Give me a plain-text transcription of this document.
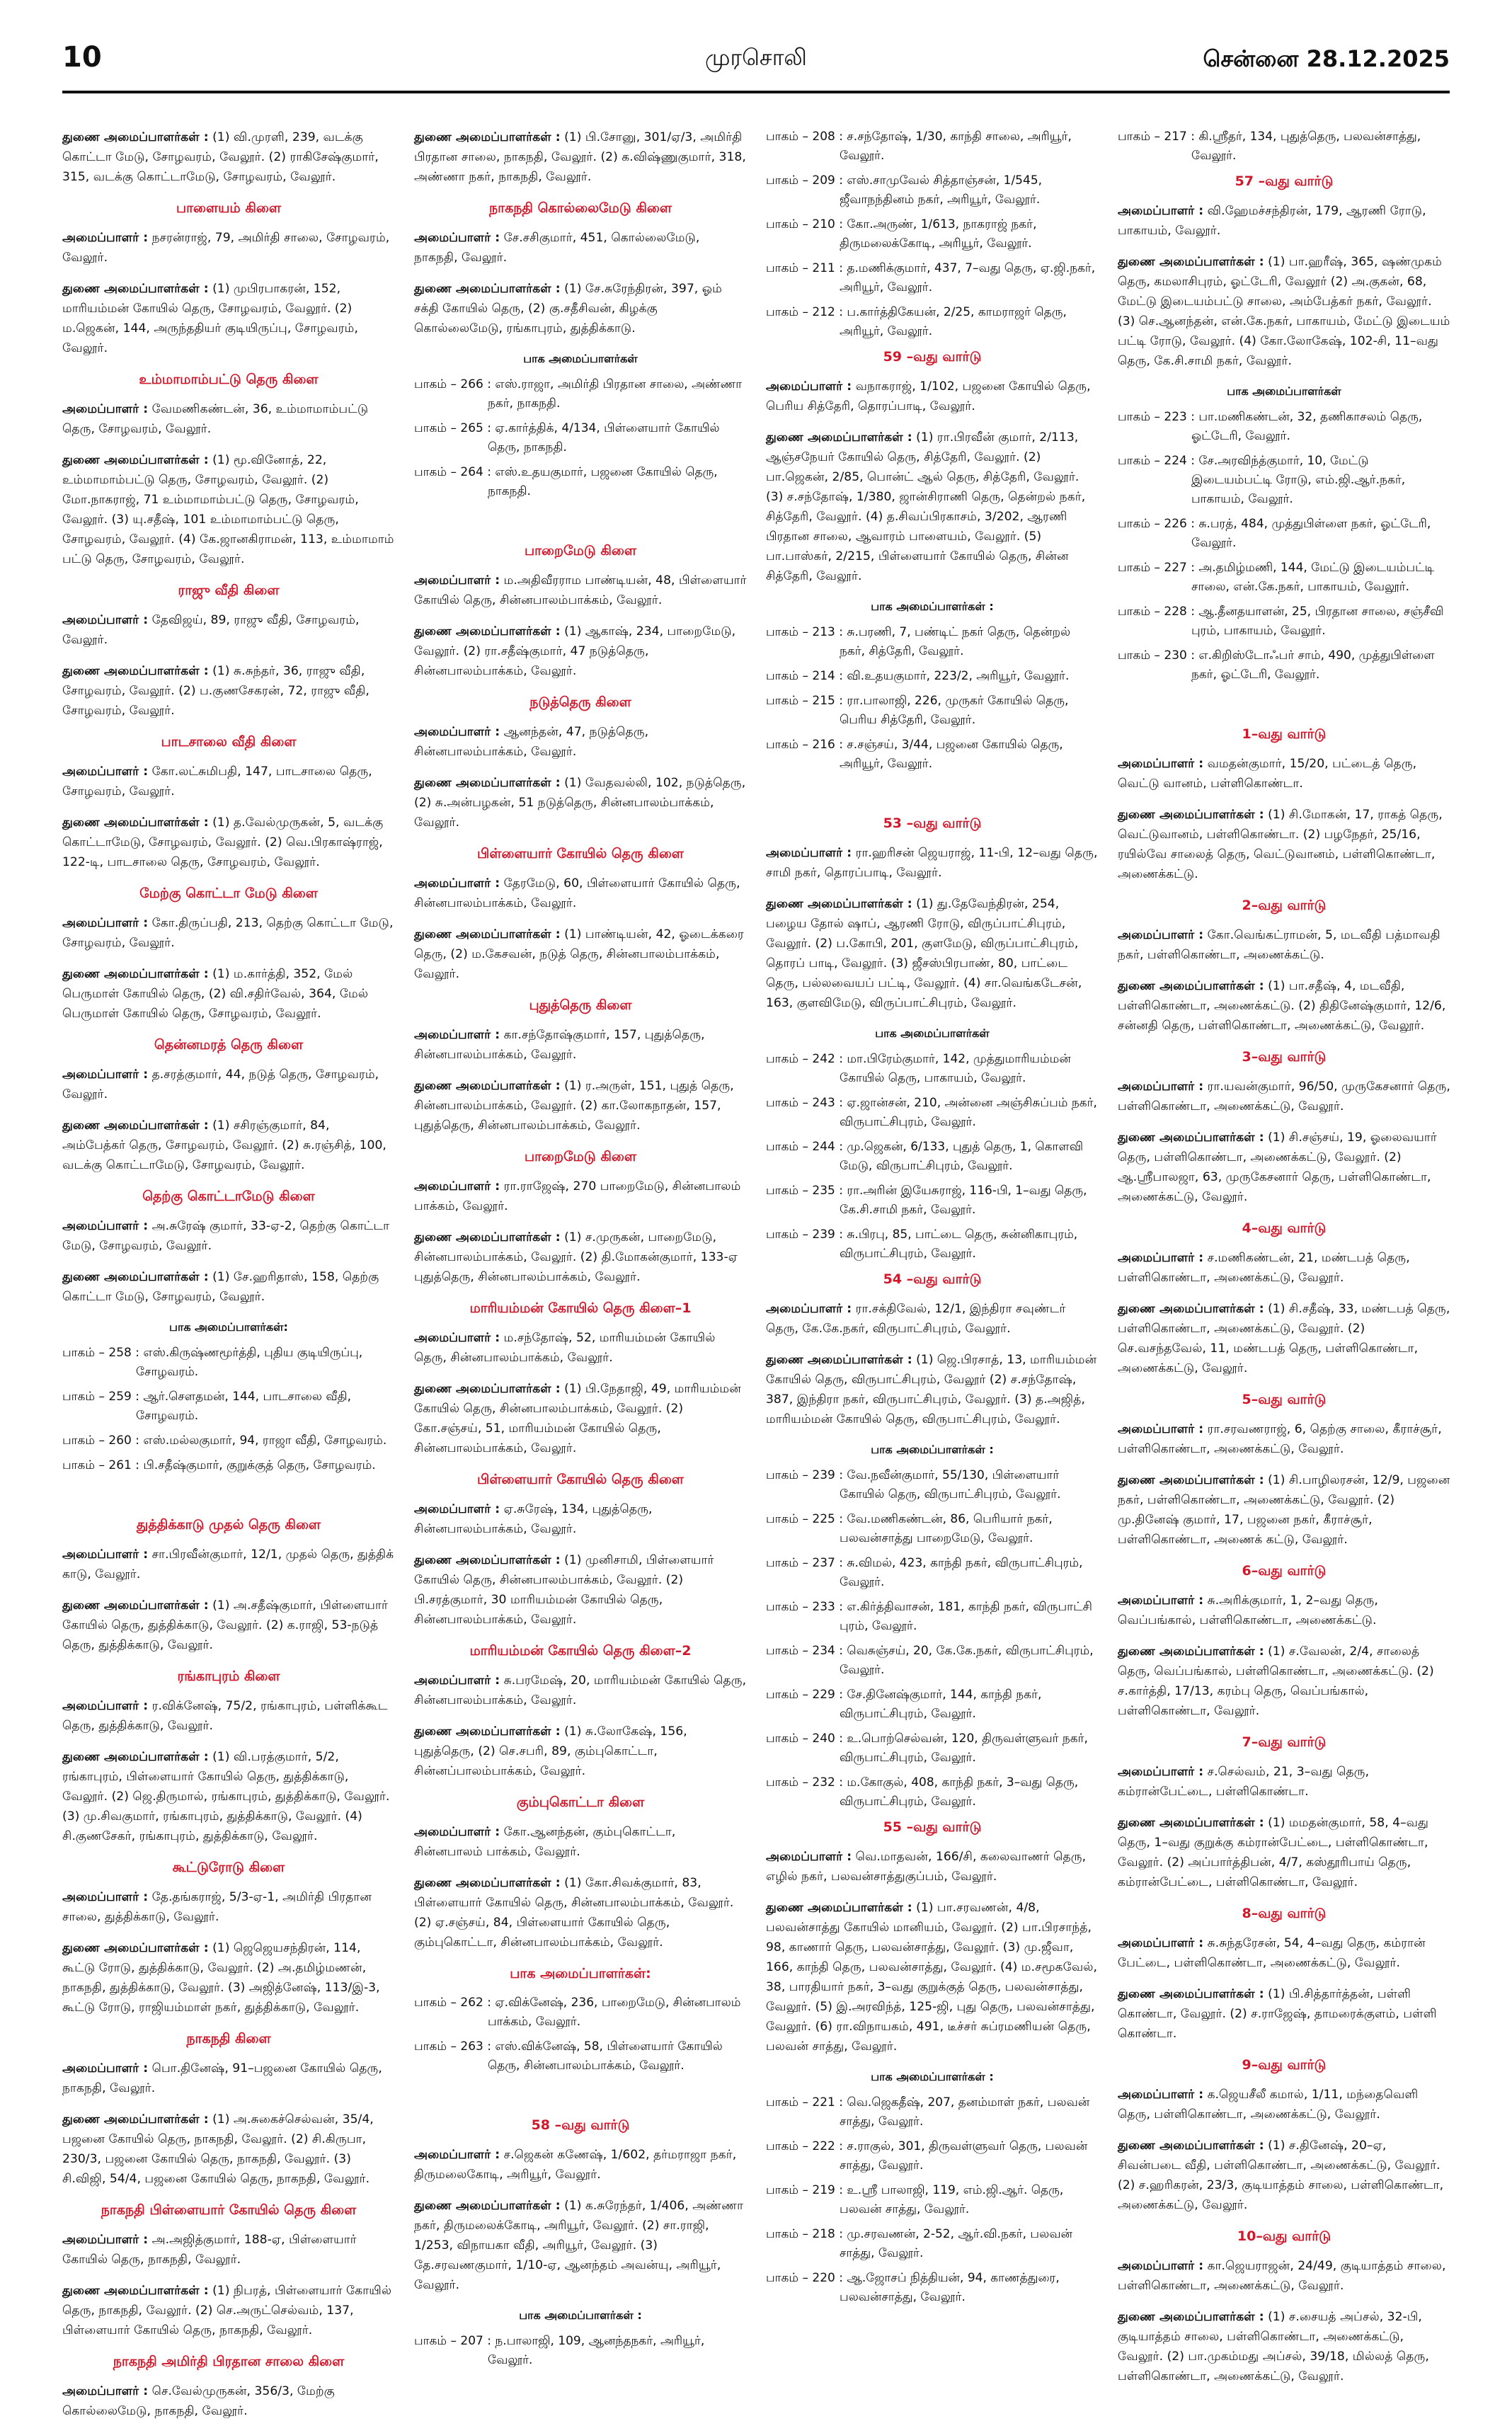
10	முரசொலி	சென்னை 28.12.2025
துணை அமைப்பாளர்கள் : (1) வி.முரளி, 239, வடக்கு கொட்டா மேடு, சோழவரம், வேலூர். (2) ராகிசேஷ்குமார், 315, வடக்கு கொட்டாமேடு, சோழவரம், வேலூர்.
பாளையம் கிளை
அமைப்பாளர் : நசரன்ராஜ், 79, அமிர்தி சாலை, சோழவரம், வேலூர்.
துணை அமைப்பாளர்கள் : (1) முபிரபாகரன், 152, மாரியம்மன் கோயில் தெரு, சோழவரம், வேலூர். (2) ம.ஜெகன், 144, அருந்ததியர் குடியிருப்பு, சோழவரம், வேலூர்.
உம்மாமாம்பட்டு தெரு கிளை
அமைப்பாளர் : வேமணிகண்டன், 36, உம்மாமாம்பட்டு தெரு, சோழவரம், வேலூர்.
துணை அமைப்பாளர்கள் : (1) மூ.வினோத், 22, உம்மாமாம்பட்டு தெரு, சோழவரம், வேலூர். (2) மோ.நாகராஜ், 71 உம்மாமாம்பட்டு தெரு, சோழவரம், வேலூர். (3) யு.சதீஷ், 101 உம்மாமாம்பட்டு தெரு, சோழவரம், வேலூர். (4) கே.ஜானகிராமன், 113, உம்மாமாம் பட்டு தெரு, சோழவரம், வேலூர்.
ராஜு வீதி கிளை
அமைப்பாளர் : தேவிஜய், 89, ராஜு வீதி, சோழவரம், வேலூர்.
துணை அமைப்பாளர்கள் : (1) சு.சுந்தர், 36, ராஜு வீதி, சோழவரம், வேலூர். (2) ப.குணசேகரன், 72, ராஜு வீதி, சோழவரம், வேலூர்.
பாடசாலை வீதி கிளை
அமைப்பாளர் : கோ.லட்சுமிபதி, 147, பாடசாலை தெரு, சோழவரம், வேலூர்.
துணை அமைப்பாளர்கள் : (1) த.வேல்முருகன், 5, வடக்கு கொட்டாமேடு, சோழவரம், வேலூர். (2) வெ.பிரகாஷ்ராஜ், 122-டி, பாடசாலை தெரு, சோழவரம், வேலூர்.
மேற்கு கொட்டா மேடு கிளை
அமைப்பாளர் : கோ.திருப்பதி, 213, தெற்கு கொட்டா மேடு, சோழவரம், வேலூர்.
துணை அமைப்பாளர்கள் : (1) ம.கார்த்தி, 352, மேல் பெருமாள் கோயில் தெரு, (2) வி.சதிர்வேல், 364, மேல் பெருமாள் கோயில் தெரு, சோழவரம், வேலூர்.
தென்னமரத் தெரு கிளை
அமைப்பாளர் : த.சரத்குமார், 44, நடுத் தெரு, சோழவரம், வேலூர்.
துணை அமைப்பாளர்கள் : (1) சசிரஞ்குமார், 84, அம்பேத்கர் தெரு, சோழவரம், வேலூர். (2) சு.ரஞ்சித், 100, வடக்கு கொட்டாமேடு, சோழவரம், வேலூர்.
தெற்கு கொட்டாமேடு கிளை
அமைப்பாளர் : அ.சுரேஷ் குமார், 33-ஏ-2, தெற்கு கொட்டா மேடு, சோழவரம், வேலூர்.
துணை அமைப்பாளர்கள் : (1) சே.ஹரிதாஸ், 158, தெற்கு கொட்டா மேடு, சோழவரம், வேலூர்.
பாக அமைப்பாளர்கள்:
பாகம் – 258 : எஸ்.கிருஷ்ணமூர்த்தி, புதிய குடியிருப்பு, சோழவரம்.
பாகம் – 259 : ஆர்.சௌதமன், 144, பாடசாலை வீதி, சோழவரம்.
பாகம் – 260 : எஸ்.மல்லகுமார், 94, ராஜா வீதி, சோழவரம்.
பாகம் – 261 : பி.சதீஷ்குமார், குறுக்குத் தெரு, சோழவரம்.
துத்திக்காடு முதல் தெரு கிளை
அமைப்பாளர் : சா.பிரவீன்குமார், 12/1, முதல் தெரு, துத்திக் காடு, வேலூர்.
துணை அமைப்பாளர்கள் : (1) அ.சதீஷ்குமார், பிள்ளையார் கோயில் தெரு, துத்திக்காடு, வேலூர். (2) க.ராஜி, 53-நடுத் தெரு, துத்திக்காடு, வேலூர்.
ரங்காபுரம் கிளை
அமைப்பாளர் : ர.விக்னேஷ், 75/2, ரங்காபுரம், பள்ளிக்கூட தெரு, துத்திக்காடு, வேலூர்.
துணை அமைப்பாளர்கள் : (1) வி.பரத்குமார், 5/2, ரங்காபுரம், பிள்ளையார் கோயில் தெரு, துத்திக்காடு, வேலூர். (2) ஜெ.திருமால், ரங்காபுரம், துத்திக்காடு, வேலூர். (3) மு.சிவகுமார், ரங்காபுரம், துத்திக்காடு, வேலூர். (4) சி.குணசேகர், ரங்காபுரம், துத்திக்காடு, வேலூர்.
கூட்டுரோடு கிளை
அமைப்பாளர் : தே.தங்கராஜ், 5/3-ஏ-1, அமிர்தி பிரதான சாலை, துத்திக்காடு, வேலூர்.
துணை அமைப்பாளர்கள் : (1) ஜெஜெயசந்திரன், 114, கூட்டு ரோடு, துத்திக்காடு, வேலூர். (2) அ.தமிழ்மணன், நாகநதி, துத்திக்காடு, வேலூர். (3) அஜித்னேஷ், 113/இ-3, கூட்டு ரோடு, ராஜியம்மாள் நகர், துத்திக்காடு, வேலூர்.
நாகநதி கிளை
அமைப்பாளர் : பொ.தினேஷ், 91–பஜனை கோயில் தெரு, நாகநதி, வேலூர்.
துணை அமைப்பாளர்கள் : (1) அ.சுகைச்செல்வன், 35/4, பஜனை கோயில் தெரு, நாகநதி, வேலூர். (2) சி.கிருபா, 230/3, பஜனை கோயில் தெரு, நாகநதி, வேலூர். (3) சி.விஜி, 54/4, பஜனை கோயில் தெரு, நாகநதி, வேலூர்.
நாகநதி பிள்ளையார் கோயில் தெரு கிளை
அமைப்பாளர் : அ.அஜித்குமார், 188-ஏ, பிள்ளையார் கோயில் தெரு, நாகநதி, வேலூர்.
துணை அமைப்பாளர்கள் : (1) நிபரத், பிள்ளையார் கோயில் தெரு, நாகநதி, வேலூர். (2) செ.அருட்செல்வம், 137, பிள்ளையார் கோயில் தெரு, நாகநதி, வேலூர்.
நாகநதி அமிர்தி பிரதான சாலை கிளை
அமைப்பாளர் : செ.வேல்முருகன், 356/3, மேற்கு கொல்லைமேடு, நாகநதி, வேலூர்.
துணை அமைப்பாளர்கள் : (1) பி.சோனு, 301/ஏ/3, அமிர்தி பிரதான சாலை, நாகநதி, வேலூர். (2) க.விஷ்ணுகுமார், 318, அண்ணா நகர், நாகநதி, வேலூர்.
நாகநதி கொல்லைமேடு கிளை
அமைப்பாளர் : சே.சசிகுமார், 451, கொல்லைமேடு, நாகநதி, வேலூர்.
துணை அமைப்பாளர்கள் : (1) சே.சுரேந்திரன், 397, ஓம் சக்தி கோயில் தெரு, (2) கு.சதீசிவன், கிழக்கு கொல்லைமேடு, ரங்காபுரம், துத்திக்காடு.
பாக அமைப்பாளர்கள்
பாகம் – 266 : எஸ்.ராஜா, அமிர்தி பிரதான சாலை, அண்ணா நகர், நாகநதி.
பாகம் – 265 : ஏ.கார்த்திக், 4/134, பிள்ளையார் கோயில் தெரு, நாகநதி.
பாகம் – 264 : எஸ்.உதயகுமார், பஜனை கோயில் தெரு, நாகநதி.
பாறைமேடு கிளை
அமைப்பாளர் : ம.அதிவீரராம பாண்டியன், 48, பிள்ளையார் கோயில் தெரு, சின்னபாலம்பாக்கம், வேலூர்.
துணை அமைப்பாளர்கள் : (1) ஆகாஷ், 234, பாறைமேடு, வேலூர். (2) ரா.சதீஷ்குமார், 47 நடுத்தெரு, சின்னபாலம்பாக்கம், வேலூர்.
நடுத்தெரு கிளை
அமைப்பாளர் : ஆனந்தன், 47, நடுத்தெரு, சின்னபாலம்பாக்கம், வேலூர்.
துணை அமைப்பாளர்கள் : (1) வேதவல்லி, 102, நடுத்தெரு, (2) சு.அன்பழகன், 51 நடுத்தெரு, சின்னபாலம்பாக்கம், வேலூர்.
பிள்ளையார் கோயில் தெரு கிளை
அமைப்பாளர் : தேரமேடு, 60, பிள்ளையார் கோயில் தெரு, சின்னபாலம்பாக்கம், வேலூர்.
துணை அமைப்பாளர்கள் : (1) பாண்டியன், 42, ஓடைக்கரை தெரு, (2) ம.கேசவன், நடுத் தெரு, சின்னபாலம்பாக்கம், வேலூர்.
புதுத்தெரு கிளை
அமைப்பாளர் : கா.சந்தோஷ்குமார், 157, புதுத்தெரு, சின்னபாலம்பாக்கம், வேலூர்.
துணை அமைப்பாளர்கள் : (1) ர.அருள், 151, புதுத் தெரு, சின்னபாலம்பாக்கம், வேலூர். (2) கா.லோகநாதன், 157, புதுத்தெரு, சின்னபாலம்பாக்கம், வேலூர்.
பாறைமேடு கிளை
அமைப்பாளர் : ரா.ராஜேஷ், 270 பாறைமேடு, சின்னபாலம் பாக்கம், வேலூர்.
துணை அமைப்பாளர்கள் : (1) ச.முருகன், பாறைமேடு, சின்னபாலம்பாக்கம், வேலூர். (2) தி.மோகன்குமார், 133-ஏ புதுத்தெரு, சின்னபாலம்பாக்கம், வேலூர்.
மாரியம்மன் கோயில் தெரு கிளை–1
அமைப்பாளர் : ம.சந்தோஷ், 52, மாரியம்மன் கோயில் தெரு, சின்னபாலம்பாக்கம், வேலூர்.
துணை அமைப்பாளர்கள் : (1) பி.நேதாஜி, 49, மாரியம்மன் கோயில் தெரு, சின்னபாலம்பாக்கம், வேலூர். (2) கோ.சஞ்சய், 51, மாரியம்மன் கோயில் தெரு, சின்னபாலம்பாக்கம், வேலூர்.
பிள்ளையார் கோயில் தெரு கிளை
அமைப்பாளர் : ஏ.சுரேஷ், 134, புதுத்தெரு, சின்னபாலம்பாக்கம், வேலூர்.
துணை அமைப்பாளர்கள் : (1) முனிசாமி, பிள்ளையார் கோயில் தெரு, சின்னபாலம்பாக்கம், வேலூர். (2) பி.சரத்குமார், 30 மாரியம்மன் கோயில் தெரு, சின்னபாலம்பாக்கம், வேலூர்.
மாரியம்மன் கோயில் தெரு கிளை–2
அமைப்பாளர் : சு.பரமேஷ், 20, மாரியம்மன் கோயில் தெரு, சின்னபாலம்பாக்கம், வேலூர்.
துணை அமைப்பாளர்கள் : (1) சு.லோகேஷ், 156, புதுத்தெரு, (2) செ.சபரி, 89, கும்புகொட்டா, சின்னப்பாலம்பாக்கம், வேலூர்.
கும்புகொட்டா கிளை
அமைப்பாளர் : கோ.ஆனந்தன், கும்புகொட்டா, சின்னபாலம் பாக்கம், வேலூர்.
துணை அமைப்பாளர்கள் : (1) கோ.சிவக்குமார், 83, பிள்ளையார் கோயில் தெரு, சின்னபாலம்பாக்கம், வேலூர். (2) ஏ.சஞ்சய், 84, பிள்ளையார் கோயில் தெரு, கும்புகொட்டா, சின்னபாலம்பாக்கம், வேலூர்.
பாக அமைப்பாளர்கள்:
பாகம் – 262 : ஏ.விக்னேஷ், 236, பாறைமேடு, சின்னபாலம் பாக்கம், வேலூர்.
பாகம் – 263 : எஸ்.விக்னேஷ், 58, பிள்ளையார் கோயில் தெரு, சின்னபாலம்பாக்கம், வேலூர்.
58 –வது வார்டு
அமைப்பாளர் : ச.ஜெகன் கணேஷ், 1/602, தர்மராஜா நகர், திருமலைகோடி, அரியூர், வேலூர்.
துணை அமைப்பாளர்கள் : (1) க.சுரேந்தர், 1/406, அண்ணா நகர், திருமலைக்கோடி, அரியூர், வேலூர். (2) சா.ராஜி, 1/253, விநாயகா வீதி, அரியூர், வேலூர். (3) தே.சரவணகுமார், 1/10-ஏ, ஆனந்தம் அவன்யு, அரியூர், வேலூர்.
பாக அமைப்பாளர்கள் :
பாகம் – 207 : ந.பாலாஜி, 109, ஆனந்தநகர், அரியூர், வேலூர்.
பாகம் – 208 : ச.சந்தோஷ், 1/30, காந்தி சாலை, அரியூர், வேலூர்.
பாகம் – 209 : எஸ்.சாமுவேல் சித்தாஞ்சன், 1/545, ஜீவாநந்தினம் நகர், அரியூர், வேலூர்.
பாகம் – 210 : கோ.அருண், 1/613, நாகராஜ் நகர், திருமலைக்கோடி, அரியூர், வேலூர்.
பாகம் – 211 : த.மணிக்குமார், 437, 7–வது தெரு, ஏ.ஜி.நகர், அரியூர், வேலூர்.
பாகம் – 212 : ப.கார்த்திகேயன், 2/25, காமராஜர் தெரு, அரியூர், வேலூர்.
59 –வது வார்டு
அமைப்பாளர் : வநாகராஜ், 1/102, பஜனை கோயில் தெரு, பெரிய சித்தேரி, தொரப்பாடி, வேலூர்.
துணை அமைப்பாளர்கள் : (1) ரா.பிரவீன் குமார், 2/113, ஆஞ்சநேயர் கோயில் தெரு, சித்தேரி, வேலூர். (2) பா.ஜெகன், 2/85, பொன்ட் ஆல் தெரு, சித்தேரி, வேலூர். (3) ச.சந்தோஷ், 1/380, ஜான்சிராணி தெரு, தென்றல் நகர், சித்தேரி, வேலூர். (4) த.சிவப்பிரகாசம், 3/202, ஆரணி பிரதான சாலை, ஆவாரம் பாளையம், வேலூர். (5) பா.பாஸ்கர், 2/215, பிள்ளையார் கோயில் தெரு, சின்ன சித்தேரி, வேலூர்.
பாக அமைப்பாளர்கள் :
பாகம் – 213 : சு.பரணி, 7, பண்டிட் நகர் தெரு, தென்றல் நகர், சித்தேரி, வேலூர்.
பாகம் – 214 : வி.உதயகுமார், 223/2, அரியூர், வேலூர்.
பாகம் – 215 : ரா.பாலாஜி, 226, முருகர் கோயில் தெரு, பெரிய சித்தேரி, வேலூர்.
பாகம் – 216 : ச.சஞ்சய், 3/44, பஜனை கோயில் தெரு, அரியூர், வேலூர்.
53 –வது வார்டு
அமைப்பாளர் : ரா.ஹரிசன் ஜெயராஜ், 11-பி, 12–வது தெரு, சாமி நகர், தொரப்பாடி, வேலூர்.
துணை அமைப்பாளர்கள் : (1) து.தேவேந்திரன், 254, பழைய தோல் ஷாப், ஆரணி ரோடு, விருப்பாட்சிபுரம், வேலூர். (2) ப.கோபி, 201, குளமேடு, விருப்பாட்சிபுரம், தொரப் பாடி, வேலூர். (3) ஜீசஸ்பிரபாண், 80, பாட்டை தெரு, பல்லவையப் பட்டி, வேலூர். (4) சா.வெங்கடேசன், 163, குளவிமேடு, விருப்பாட்சிபுரம், வேலூர்.
பாக அமைப்பாளர்கள்
பாகம் – 242 : மா.பிரேம்குமார், 142, முத்துமாரியம்மன் கோயில் தெரு, பாகாயம், வேலூர்.
பாகம் – 243 : ஏ.ஜான்சன், 210, அன்னை அஞ்சிசுப்பம் நகர், விருபாட்சிபுரம், வேலூர்.
பாகம் – 244 : மு.ஜெகன், 6/133, புதுத் தெரு, 1, கொளவி மேடு, விருபாட்சிபுரம், வேலூர்.
பாகம் – 235 : ரா.அரின் இயேசுராஜ், 116-பி, 1–வது தெரு, கே.சி.சாமி நகர், வேலூர்.
பாகம் – 239 : சு.பிரபு, 85, பாட்டை தெரு, சுன்னிகாபுரம், விருபாட்சிபுரம், வேலூர்.
54 –வது வார்டு
அமைப்பாளர் : ரா.சக்திவேல், 12/1, இந்திரா சவுண்டர் தெரு, கே.கே.நகர், விருபாட்சிபுரம், வேலூர்.
துணை அமைப்பாளர்கள் : (1) ஜெ.பிரசாத், 13, மாரியம்மன் கோயில் தெரு, விருபாட்சிபுரம், வேலூர் (2) ச.சந்தோஷ், 387, இந்திரா நகர், விருபாட்சிபுரம், வேலூர். (3) த.அஜித், மாரியம்மன் கோயில் தெரு, விருபாட்சிபுரம், வேலூர்.
பாக அமைப்பாளர்கள் :
பாகம் – 239 : வே.நவீன்குமார், 55/130, பிள்ளையார் கோயில் தெரு, விருபாட்சிபுரம், வேலூர்.
பாகம் – 225 : வே.மணிகண்டன், 86, பெரியார் நகர், பலவன்சாத்து பாறைமேடு, வேலூர்.
பாகம் – 237 : சு.விமல், 423, காந்தி நகர், விருபாட்சிபுரம், வேலூர்.
பாகம் – 233 : எ.கிர்த்திவாசன், 181, காந்தி நகர், விருபாட்சி புரம், வேலூர்.
பாகம் – 234 : வெசுஞ்சய், 20, கே.கே.நகர், விருபாட்சிபுரம், வேலூர்.
பாகம் – 229 : சே.தினேஷ்குமார், 144, காந்தி நகர், விருபாட்சிபுரம், வேலூர்.
பாகம் – 240 : உ.பொற்செல்வன், 120, திருவள்ளுவர் நகர், விருபாட்சிபுரம், வேலூர்.
பாகம் – 232 : ம.கோகுல், 408, காந்தி நகர், 3–வது தெரு, விருபாட்சிபுரம், வேலூர்.
55 –வது வார்டு
அமைப்பாளர் : வெ.மாதவன், 166/சி, கலைவாணர் தெரு, எழில் நகர், பலவன்சாத்துகுப்பம், வேலூர்.
துணை அமைப்பாளர்கள் : (1) பா.சரவணன், 4/8, பலவன்சாத்து கோயில் மானியம், வேலூர். (2) பா.பிரசாந்த், 98, காணார் தெரு, பலவன்சாத்து, வேலூர். (3) மு.ஜீவா, 166, காந்தி தெரு, பலவன்சாத்து, வேலூர். (4) ம.சமூகவேல், 38, பாரதியார் நகர், 3–வது குறுக்குத் தெரு, பலவன்சாத்து, வேலூர். (5) இ.அரவிந்த், 125-ஜி, புது தெரு, பலவன்சாத்து, வேலூர். (6) ரா.விநாயகம், 491, டீச்சர் சுப்ரமணியன் தெரு, பலவன் சாத்து, வேலூர்.
பாக அமைப்பாளர்கள் :
பாகம் – 221 : வெ.ஜெகதீஷ், 207, தனம்மாள் நகர், பலவன் சாத்து, வேலூர்.
பாகம் – 222 : ச.ராகுல், 301, திருவள்ளுவர் தெரு, பலவன் சாத்து, வேலூர்.
பாகம் – 219 : உ.ஸ்ரீ பாலாஜி, 119, எம்.ஜி.ஆர். தெரு, பலவன் சாத்து, வேலூர்.
பாகம் – 218 : மு.சரவணன், 2-52, ஆர்.வி.நகர், பலவன் சாத்து, வேலூர்.
பாகம் – 220 : ஆ.ஜோசப் நித்தியன், 94, காணத்துரை, பலவன்சாத்து, வேலூர்.
பாகம் – 217 : கி.ஸ்ரீதர், 134, புதுத்தெரு, பலவன்சாத்து, வேலூர்.
57 –வது வார்டு
அமைப்பாளர் : வி.ஹேமச்சந்திரன், 179, ஆரணி ரோடு, பாகாயம், வேலூர்.
துணை அமைப்பாளர்கள் : (1) பா.ஹரீஷ், 365, ஷண்முகம் தெரு, கமலாசிபுரம், ஓட்டேரி, வேலூர் (2) அ.குகன், 68, மேட்டு இடையம்பட்டு சாலை, அம்பேத்கர் நகர், வேலூர். (3) செ.ஆனந்தன், என்.கே.நகர், பாகாயம், மேட்டு இடையம் பட்டி ரோடு, வேலூர். (4) கோ.லோகேஷ், 102-சி, 11–வது தெரு, கே.சி.சாமி நகர், வேலூர்.
பாக அமைப்பாளர்கள்
பாகம் – 223 : பா.மணிகண்டன், 32, தணிகாசலம் தெரு, ஓட்டேரி, வேலூர்.
பாகம் – 224 : சே.அரவிந்த்குமார், 10, மேட்டு இடையம்பட்டி ரோடு, எம்.ஜி.ஆர்.நகர், பாகாயம், வேலூர்.
பாகம் – 226 : சு.பரத், 484, முத்துபிள்ளை நகர், ஓட்டேரி, வேலூர்.
பாகம் – 227 : அ.தமிழ்மணி, 144, மேட்டு இடையம்பட்டி சாலை, என்.கே.நகர், பாகாயம், வேலூர்.
பாகம் – 228 : ஆ.தீனதயாளன், 25, பிரதான சாலை, சஞ்சீவி புரம், பாகாயம், வேலூர்.
பாகம் – 230 : எ.கிறிஸ்டோஃபர் சாம், 490, முத்துபிள்ளை நகர், ஓட்டேரி, வேலூர்.
1–வது வார்டு
அமைப்பாளர் : வமதன்குமார், 15/20, பட்டைத் தெரு, வெட்டு வானம், பள்ளிகொண்டா.
துணை அமைப்பாளர்கள் : (1) சி.மோகன், 17, ராகத் தெரு, வெட்டுவானம், பள்ளிகொண்டா. (2) பழநேதர், 25/16, ரயில்வே சாலைத் தெரு, வெட்டுவானம், பள்ளிகொண்டா, அணைக்கட்டு.
2–வது வார்டு
அமைப்பாளர் : கோ.வெங்கட்ராமன், 5, மடவீதி பத்மாவதி நகர், பள்ளிகொண்டா, அணைக்கட்டு.
துணை அமைப்பாளர்கள் : (1) பா.சதீஷ், 4, மடவீதி, பள்ளிகொண்டா, அணைக்கட்டு. (2) திதினேஷ்குமார், 12/6, சன்னதி தெரு, பள்ளிகொண்டா, அணைக்கட்டு, வேலூர்.
3–வது வார்டு
அமைப்பாளர் : ரா.யவன்குமார், 96/50, முருகேசனார் தெரு, பள்ளிகொண்டா, அணைக்கட்டு, வேலூர்.
துணை அமைப்பாளர்கள் : (1) சி.சஞ்சய், 19, ஓலைவயார் தெரு, பள்ளிகொண்டா, அணைக்கட்டு, வேலூர். (2) ஆ.ஸ்ரீபாலஜா, 63, முருகேசனார் தெரு, பள்ளிகொண்டா, அணைக்கட்டு, வேலூர்.
4–வது வார்டு
அமைப்பாளர் : ச.மணிகண்டன், 21, மண்டபத் தெரு, பள்ளிகொண்டா, அணைக்கட்டு, வேலூர்.
துணை அமைப்பாளர்கள் : (1) சி.சதீஷ், 33, மண்டபத் தெரு, பள்ளிகொண்டா, அணைக்கட்டு, வேலூர். (2) செ.வசந்தவேல், 11, மண்டபத் தெரு, பள்ளிகொண்டா, அணைக்கட்டு, வேலூர்.
5–வது வார்டு
அமைப்பாளர் : ரா.சரவணராஜ், 6, தெற்கு சாலை, கீராச்சூர், பள்ளிகொண்டா, அணைக்கட்டு, வேலூர்.
துணை அமைப்பாளர்கள் : (1) சி.பாழிலரசன், 12/9, பஜனை நகர், பள்ளிகொண்டா, அணைக்கட்டு, வேலூர். (2) மு.தினேஷ் குமார், 17, பஜனை நகர், கீராச்சூர், பள்ளிகொண்டா, அணைக் கட்டு, வேலூர்.
6–வது வார்டு
அமைப்பாளர் : சு.அரிக்குமார், 1, 2–வது தெரு, வெப்பங்கால், பள்ளிகொண்டா, அணைக்கட்டு.
துணை அமைப்பாளர்கள் : (1) ச.வேலன், 2/4, சாலைத் தெரு, வெப்பங்கால், பள்ளிகொண்டா, அணைக்கட்டு. (2) ச.கார்த்தி, 17/13, கரம்பு தெரு, வெப்பங்கால், பள்ளிகொண்டா, வேலூர்.
7–வது வார்டு
அமைப்பாளர் : ச.செல்வம், 21, 3–வது தெரு, கம்ரான்பேட்டை, பள்ளிகொண்டா.
துணை அமைப்பாளர்கள் : (1) மமதன்குமார், 58, 4–வது தெரு, 1–வது குறுக்கு கம்ரான்பேட்டை, பள்ளிகொண்டா, வேலூர். (2) அப்பார்த்திபன், 4/7, கஸ்தூரிபாய் தெரு, கம்ரான்பேட்டை, பள்ளிகொண்டா, வேலூர்.
8–வது வார்டு
அமைப்பாளர் : சு.சுந்தரேசன், 54, 4–வது தெரு, கம்ரான் பேட்டை, பள்ளிகொண்டா, அணைக்கட்டு, வேலூர்.
துணை அமைப்பாளர்கள் : (1) பி.சித்தார்த்தன், பள்ளி கொண்டா, வேலூர். (2) ச.ராஜேஷ், தாமரைக்குளம், பள்ளி கொண்டா.
9–வது வார்டு
அமைப்பாளர் : க.ஜெயசீலீ கமால், 1/11, மந்தைவெளி தெரு, பள்ளிகொண்டா, அணைக்கட்டு, வேலூர்.
துணை அமைப்பாளர்கள் : (1) ச.தினேஷ், 20–ஏ, சிவன்படை வீதி, பள்ளிகொண்டா, அணைக்கட்டு, வேலூர். (2) ச.ஹரிகரன், 23/3, குடியாத்தம் சாலை, பள்ளிகொண்டா, அணைக்கட்டு, வேலூர்.
10–வது வார்டு
அமைப்பாளர் : கா.ஜெயராஜன், 24/49, குடியாத்தம் சாலை, பள்ளிகொண்டா, அணைக்கட்டு, வேலூர்.
துணை அமைப்பாளர்கள் : (1) ச.சையத் அப்சல், 32-பி, குடியாத்தம் சாலை, பள்ளிகொண்டா, அணைக்கட்டு, வேலூர். (2) பா.முகம்மது அப்சல், 39/18, மில்லத் தெரு, பள்ளிகொண்டா, அணைக்கட்டு, வேலூர்.
